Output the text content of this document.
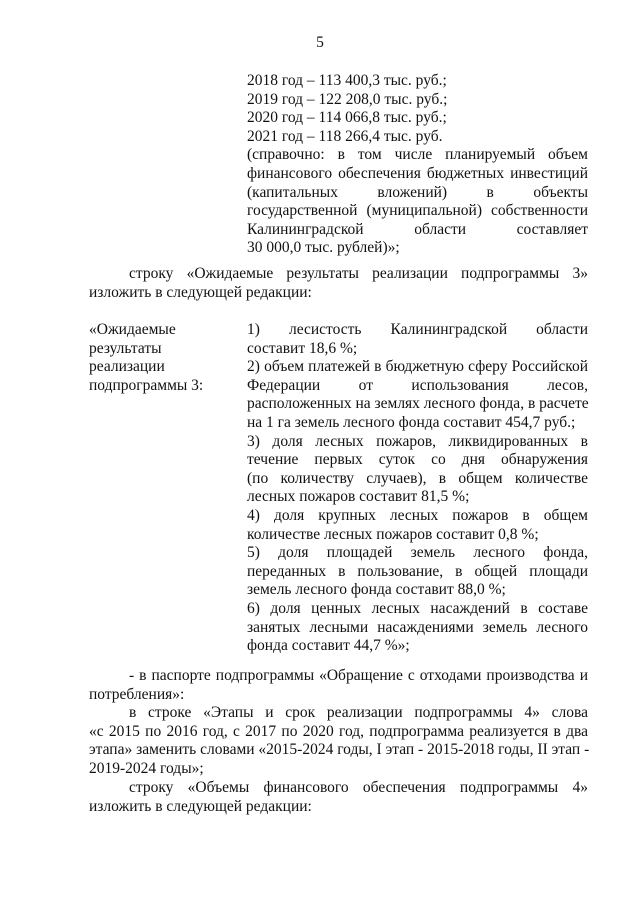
5
2018 год – 113 400,3 тыс. руб.;
2019 год – 122 208,0 тыс. руб.;
2020 год – 114 066,8 тыс. руб.;
2021 год – 118 266,4 тыс. руб.
(справочно: в том числе планируемый объем
финансового обеспечения бюджетных инвестиций
(капитальных вложений) в объекты
государственной (муниципальной) собственности
Калининградской области составляет
30 000,0 тыс. рублей)»;
строку «Ожидаемые результаты реализации подпрограммы 3»
изложить в следующей редакции:
«Ожидаемые
результаты
реализации
подпрограммы 3:
1) лесистость Калининградской области
составит 18,6 %;
2) объем платежей в бюджетную сферу Российской
Федерации от использования лесов,
расположенных на землях лесного фонда, в расчете
на 1 га земель лесного фонда составит 454,7 руб.;
3) доля лесных пожаров, ликвидированных в
течение первых суток со дня обнаружения
(по количеству случаев), в общем количестве
лесных пожаров составит 81,5 %;
4) доля крупных лесных пожаров в общем
количестве лесных пожаров составит 0,8 %;
5) доля площадей земель лесного фонда,
переданных в пользование, в общей площади
земель лесного фонда составит 88,0 %;
6) доля ценных лесных насаждений в составе
занятых лесными насаждениями земель лесного
фонда составит 44,7 %»;
- в паспорте подпрограммы «Обращение с отходами производства и
потребления»:
в строке «Этапы и срок реализации подпрограммы 4» слова
«с 2015 по 2016 год, с 2017 по 2020 год, подпрограмма реализуется в два
этапа» заменить словами «2015-2024 годы, I этап - 2015-2018 годы, II этап -
2019-2024 годы»;
строку «Объемы финансового обеспечения подпрограммы 4»
изложить в следующей редакции:
